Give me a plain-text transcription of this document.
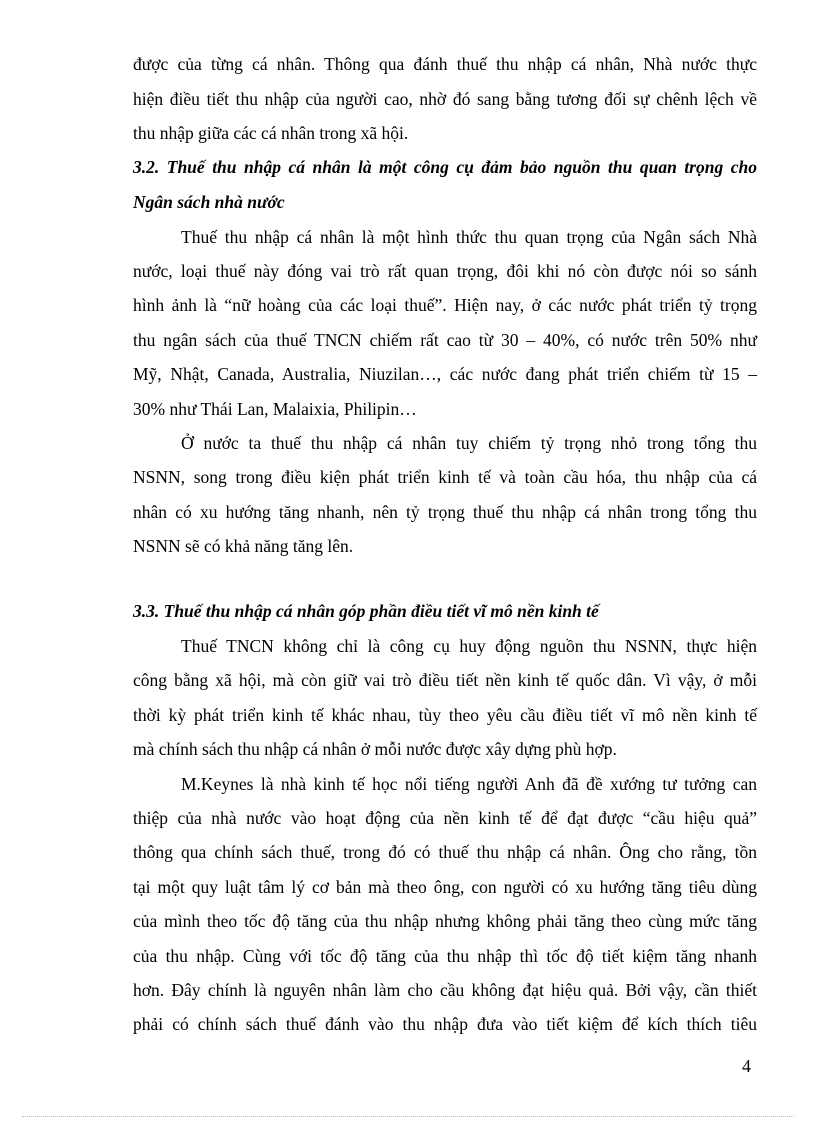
được của từng cá nhân. Thông qua đánh thuế thu nhập cá nhân, Nhà nước thực
hiện điều tiết thu nhập của người cao, nhờ đó sang bằng tương đối sự chênh lệch về
thu nhập giữa các cá nhân trong xã hội.
3.2. Thuế thu nhập cá nhân là một công cụ đảm bảo nguồn thu quan trọng cho
Ngân sách nhà nước
Thuế thu nhập cá nhân là một hình thức thu quan trọng của Ngân sách Nhà
nước, loại thuế này đóng vai trò rất quan trọng, đôi khi nó còn được nói so sánh
hình ảnh là “nữ hoàng của các loại thuế”. Hiện nay, ở các nước phát triển tỷ trọng
thu ngân sách của thuế TNCN chiếm rất cao từ 30 – 40%, có nước trên 50% như
Mỹ, Nhật, Canada, Australia, Niuzilan…, các nước đang phát triển chiếm từ 15 –
30% như Thái Lan, Malaixia, Philipin…
Ở nước ta thuế thu nhập cá nhân tuy chiếm tỷ trọng nhỏ trong tổng thu
NSNN, song trong điều kiện phát triển kinh tế và toàn cầu hóa, thu nhập của cá
nhân có xu hướng tăng nhanh, nên tỷ trọng thuế thu nhập cá nhân trong tổng thu
NSNN sẽ có khả năng tăng lên.
3.3. Thuế thu nhập cá nhân góp phần điều tiết vĩ mô nền kinh tế
Thuế TNCN không chỉ là công cụ huy động nguồn thu NSNN, thực hiện
công bằng xã hội, mà còn giữ vai trò điều tiết nền kinh tế quốc dân. Vì vậy, ở mỗi
thời kỳ phát triển kinh tế khác nhau, tùy theo yêu cầu điều tiết vĩ mô nền kinh tế
mà chính sách thu nhập cá nhân ở mỗi nước được xây dựng phù hợp.
M.Keynes là nhà kinh tế học nổi tiếng người Anh đã đề xướng tư tưởng can
thiệp của nhà nước vào hoạt động của nền kinh tế để đạt được “cầu hiệu quả”
thông qua chính sách thuế, trong đó có thuế thu nhập cá nhân. Ông cho rằng, tồn
tại một quy luật tâm lý cơ bản mà theo ông, con người có xu hướng tăng tiêu dùng
của mình theo tốc độ tăng của thu nhập nhưng không phải tăng theo cùng mức tăng
của thu nhập. Cùng với tốc độ tăng của thu nhập thì tốc độ tiết kiệm tăng nhanh
hơn. Đây chính là nguyên nhân làm cho cầu không đạt hiệu quả. Bởi vậy, cần thiết
phải có chính sách thuế đánh vào thu nhập đưa vào tiết kiệm để kích thích tiêu
4
